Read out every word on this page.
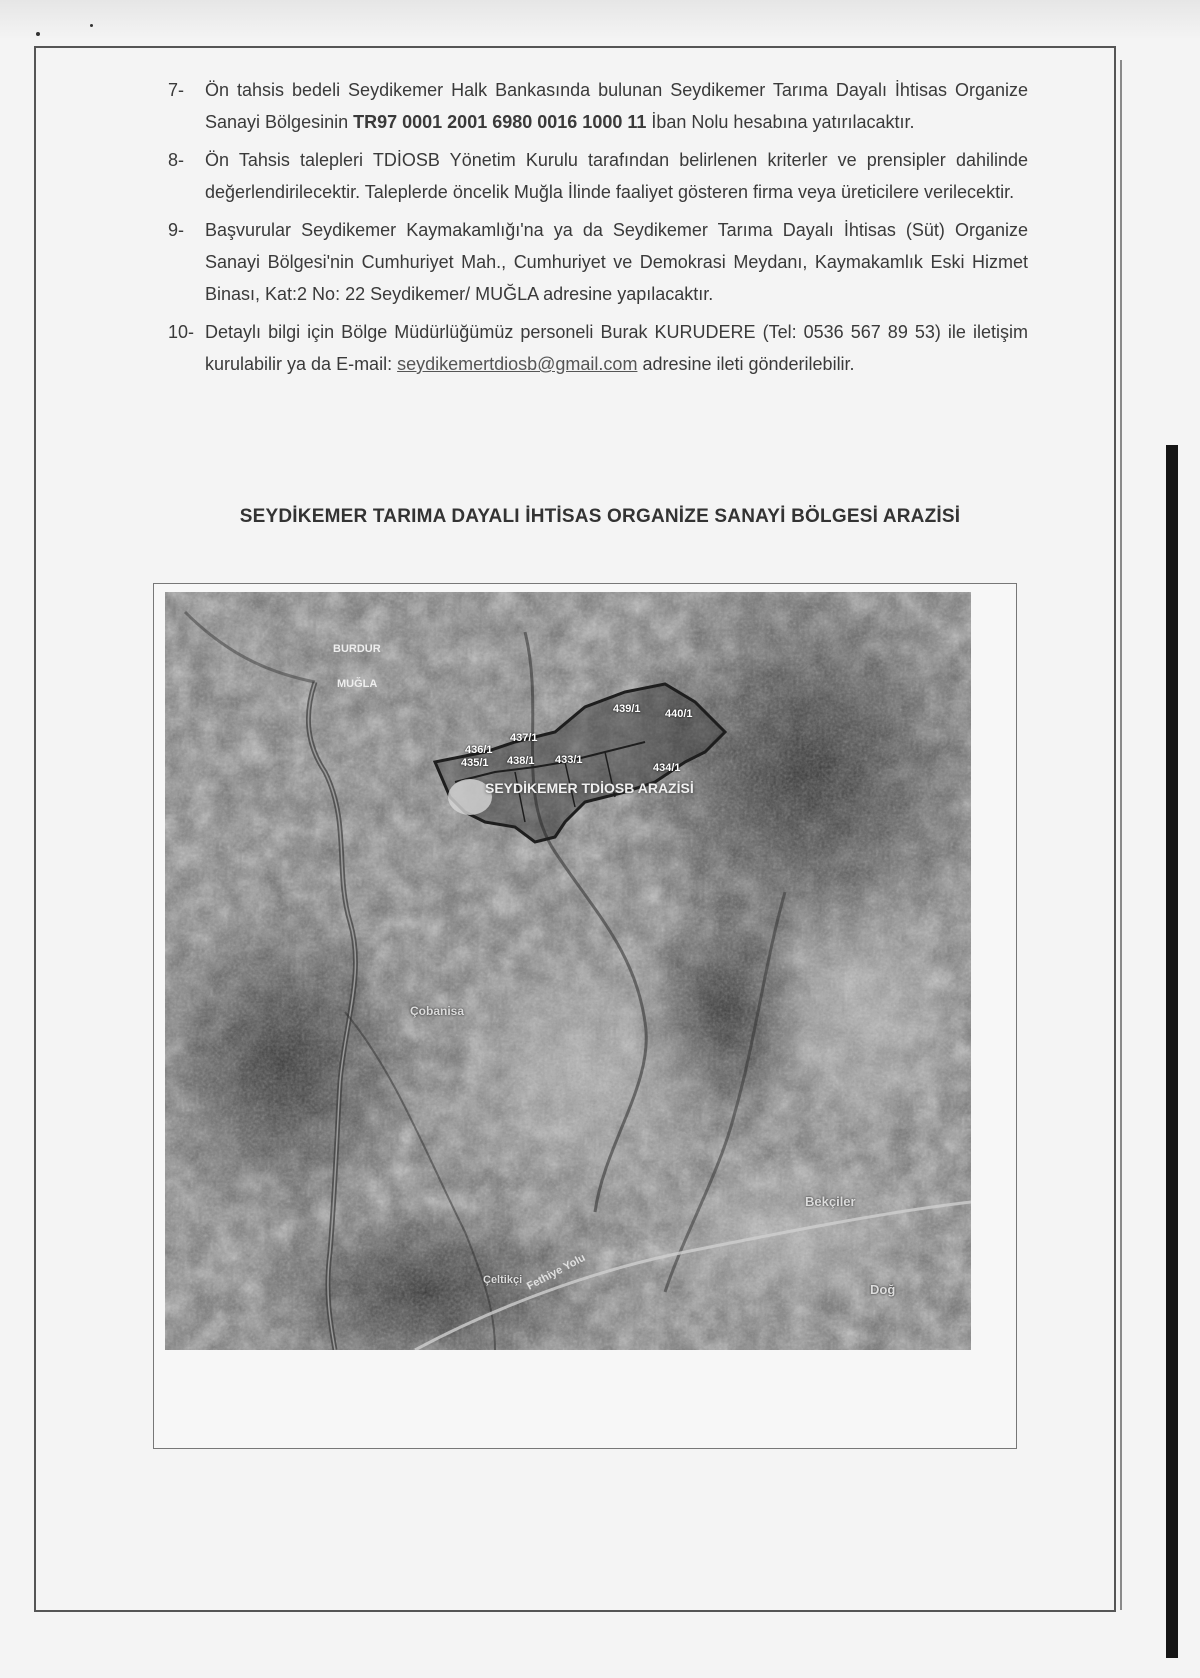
7-	Ön tahsis bedeli Seydikemer Halk Bankasında bulunan Seydikemer Tarıma Dayalı İhtisas Organize Sanayi Bölgesinin TR97 0001 2001 6980 0016 1000 11 İban Nolu hesabına yatırılacaktır.
8-	Ön Tahsis talepleri TDİOSB Yönetim Kurulu tarafından belirlenen kriterler ve prensipler dahilinde değerlendirilecektir. Taleplerde öncelik Muğla İlinde faaliyet gösteren firma veya üreticilere verilecektir.
9-	Başvurular Seydikemer Kaymakamlığı'na ya da Seydikemer Tarıma Dayalı İhtisas (Süt) Organize Sanayi Bölgesi'nin Cumhuriyet Mah., Cumhuriyet ve Demokrasi Meydanı, Kaymakamlık Eski Hizmet Binası, Kat:2 No: 22 Seydikemer/ MUĞLA adresine yapılacaktır.
10- Detaylı bilgi için Bölge Müdürlüğümüz personeli Burak KURUDERE (Tel: 0536 567 89 53) ile iletişim kurulabilir ya da E-mail: seydikemertdiosb@gmail.com adresine ileti gönderilebilir.
SEYDİKEMER TARIMA DAYALI İHTİSAS ORGANİZE SANAYİ BÖLGESİ ARAZİSİ
BURDUR
MUĞLA
439/1 440/1
437/1
436/1
435/1 438/1 433/1
434/1
SEYDİKEMER TDİOSB ARAZİSİ
Çobanisa
Bekçiler
Çeltikçi Fethiye Yolu	Doğ
